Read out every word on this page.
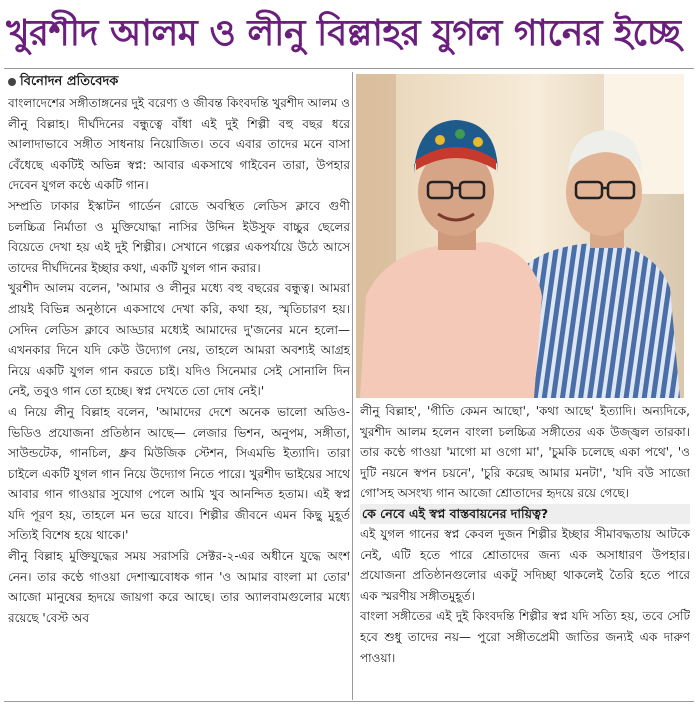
খুরশীদ আলম ও লীনু বিল্লাহর যুগল গানের ইচ্ছে
বিনোদন প্রতিবেদক

বাংলাদেশের সঙ্গীতাঙ্গনের দুই বরেণ্য ও জীবন্ত কিংবদন্তি খুরশীদ আলম ও লীনু বিল্লাহ। দীর্ঘদিনের বন্ধুত্বে বাঁধা এই দুই শিল্পী বহু বছর ধরে আলাদাভাবে সঙ্গীত সাধনায় নিয়োজিত। তবে এবার তাদের মনে বাসা বেঁধেছে একটিই অভিন্ন স্বপ্ন: আবার একসাথে গাইবেন তারা, উপহার দেবেন যুগল কণ্ঠে একটি গান।

সম্প্রতি ঢাকার ইস্কাটন গার্ডেন রোডে অবস্থিত লেডিস ক্লাবে গুণী চলচ্চিত্র নির্মাতা ও মুক্তিযোদ্ধা নাসির উদ্দিন ইউসুফ বাচ্চুর ছেলের বিয়েতে দেখা হয় এই দুই শিল্পীর। সেখানে গল্পের একপর্যায়ে উঠে আসে তাদের দীর্ঘদিনের ইচ্ছার কথা, একটি যুগল গান করার।

খুরশীদ আলম বলেন, 'আমার ও লীনুর মধ্যে বহু বছরের বন্ধুত্ব। আমরা প্রায়ই বিভিন্ন অনুষ্ঠানে একসাথে দেখা করি, কথা হয়, স্মৃতিচারণ হয়। সেদিন লেডিস ক্লাবে আড্ডার মধ্যেই আমাদের দু'জনের মনে হলো— এখনকার দিনে যদি কেউ উদ্যোগ নেয়, তাহলে আমরা অবশ্যই আগ্রহ নিয়ে একটি যুগল গান করতে চাই। যদিও সিনেমার সেই সোনালি দিন নেই, তবুও গান তো হচ্ছে। স্বপ্ন দেখতে তো দোষ নেই।'

এ নিয়ে লীনু বিল্লাহ বলেন, 'আমাদের দেশে অনেক ভালো অডিও-ভিডিও প্রযোজনা প্রতিষ্ঠান আছে— লেজার ভিশন, অনুপম, সঙ্গীতা, সাউন্ডটেক, গানচিল, ধ্রুব মিউজিক স্টেশন, সিএমভি ইত্যাদি। তারা চাইলে একটি যুগল গান নিয়ে উদ্যোগ নিতে পারে। খুরশীদ ভাইয়ের সাথে আবার গান গাওয়ার সুযোগ পেলে আমি খুব আনন্দিত হতাম। এই স্বপ্ন যদি পূরণ হয়, তাহলে মন ভরে যাবে। শিল্পীর জীবনে এমন কিছু মুহূর্ত সত্যিই বিশেষ হয়ে থাকে।'

লীনু বিল্লাহ মুক্তিযুদ্ধের সময় সরাসরি সেক্টর-২-এর অধীনে যুদ্ধে অংশ নেন। তার কণ্ঠে গাওয়া দেশাত্মবোধক গান 'ও আমার বাংলা মা তোর' আজো মানুষের হৃদয়ে জায়গা করে আছে। তার অ্যালবামগুলোর মধ্যে রয়েছে 'বেস্ট অব

লীনু বিল্লাহ', 'গীতি কেমন আছো', 'কথা আছে' ইত্যাদি। অন্যদিকে, খুরশীদ আলম হলেন বাংলা চলচ্চিত্র সঙ্গীতের এক উজ্জ্বল তারকা। তার কণ্ঠে গাওয়া 'মাগো মা ওগো মা', 'চুমকি চলেছে একা পথে', 'ও দুটি নয়নে স্বপন চয়নে', 'চুরি করেছ আমার মনটা', 'যদি বউ সাজো গো'সহ অসংখ্য গান আজো শ্রোতাদের হৃদয়ে রয়ে গেছে।

কে নেবে এই স্বপ্ন বাস্তবায়নের দায়িত্ব?

এই যুগল গানের স্বপ্ন কেবল দুজন শিল্পীর ইচ্ছার সীমাবদ্ধতায় আটকে নেই, এটি হতে পারে শ্রোতাদের জন্য এক অসাধারণ উপহার। প্রযোজনা প্রতিষ্ঠানগুলোর একটু সদিচ্ছা থাকলেই তৈরি হতে পারে এক স্মরণীয় সঙ্গীতমুহূর্ত।

বাংলা সঙ্গীতের এই দুই কিংবদন্তি শিল্পীর স্বপ্ন যদি সত্যি হয়, তবে সেটি হবে শুধু তাদের নয়— পুরো সঙ্গীতপ্রেমী জাতির জন্যই এক দারুণ পাওয়া।
